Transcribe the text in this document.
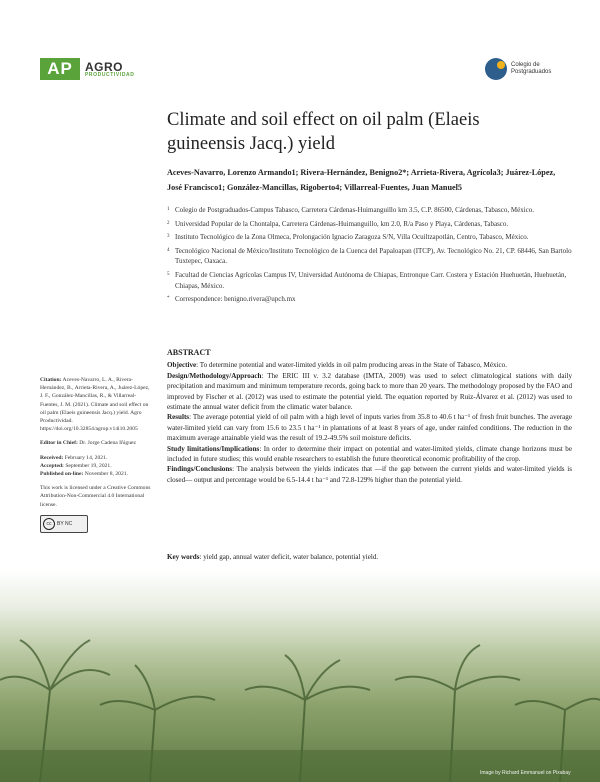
AP	AGRO
PRODUCTIVIDAD
Colegio de Postgraduados
Climate and soil effect on oil palm (Elaeis guineensis Jacq.) yield
Aceves-Navarro, Lorenzo Armando1; Rivera-Hernández, Benigno2*; Arrieta-Rivera, Agrícola3; Juárez-López, José Francisco1; González-Mancillas, Rigoberto4; Villarreal-Fuentes, Juan Manuel5
1 Colegio de Postgraduados-Campus Tabasco, Carretera Cárdenas-Huimanguillo km 3.5, C.P. 86500, Cárdenas, Tabasco, México.
2 Universidad Popular de la Chontalpa, Carretera Cárdenas-Huimanguillo, km 2.0, R/a Paso y Playa, Cárdenas, Tabasco.
3 Instituto Tecnológico de la Zona Olmeca, Prolongación Ignacio Zaragoza S/N, Villa Ocuiltzapotlán, Centro, Tabasco, México.
4 Tecnológico Nacional de México/Instituto Tecnológico de la Cuenca del Papaloapan (ITCP), Av. Tecnológico No. 21, CP. 68446, San Bartolo Tuxtepec, Oaxaca.
5 Facultad de Ciencias Agrícolas Campus IV, Universidad Autónoma de Chiapas, Entronque Carr. Costera y Estación Huehuetán, Huehuetán, Chiapas, México.
* Correspondence: benigno.rivera@upch.mx
ABSTRACT

Objective: To determine potential and water-limited yields in oil palm producing areas in the State of Tabasco, México.

Design/Methodology/Approach: The ERIC III v. 3.2 database (IMTA, 2009) was used to select climatological stations with daily precipitation and maximum and minimum temperature records, going back to more than 20 years. The methodology proposed by the FAO and improved by Fischer et al. (2012) was used to estimate the potential yield. The equation reported by Ruiz-Álvarez et al. (2012) was used to estimate the annual water deficit from the climatic water balance.

Results: The average potential yield of oil palm with a high level of inputs varies from 35.8 to 40.6 t ha⁻¹ of fresh fruit bunches. The average water-limited yield can vary from 15.6 to 23.5 t ha⁻¹ in plantations of at least 8 years of age, under rainfed conditions. The reduction in the maximum average attainable yield was the result of 19.2-49.5% soil moisture deficits.

Study limitations/Implications: In order to determine their impact on potential and water-limited yields, climate change horizons must be included in future studies; this would enable researchers to establish the future theoretical economic profitability of the crop.

Findings/Conclusions: The analysis between the yields indicates that —if the gap between the current yields and water-limited yields is closed— output and percentage would be 6.5-14.4 t ha⁻¹ and 72.8-129% higher than the potential yield.

Key words: yield gap, annual water deficit, water balance, potential yield.

Citation: Aceves-Navarro, L. A., Rivera-Hernández, B., Arrieta-Rivera, A., Juárez-López, J. F., González-Mancillas, R., & Villarreal-Fuentes, J. M. (2021). Climate and soil effect on oil palm (Elaeis guineensis Jacq.) yield. Agro Productividad. https://doi.org/10.32854/agrop.v14i10.2005

Editor in Chief: Dr. Jorge Cadena Iñiguez

Received: February 14, 2021.
Accepted: September 19, 2021.
Published on-line: November 8, 2021.

This work is licensed under a Creative Commons Attribution-Non-Commercial 4.0 International license.

cc	BY NC
Image by Richard Emmanuel on Pixabay
